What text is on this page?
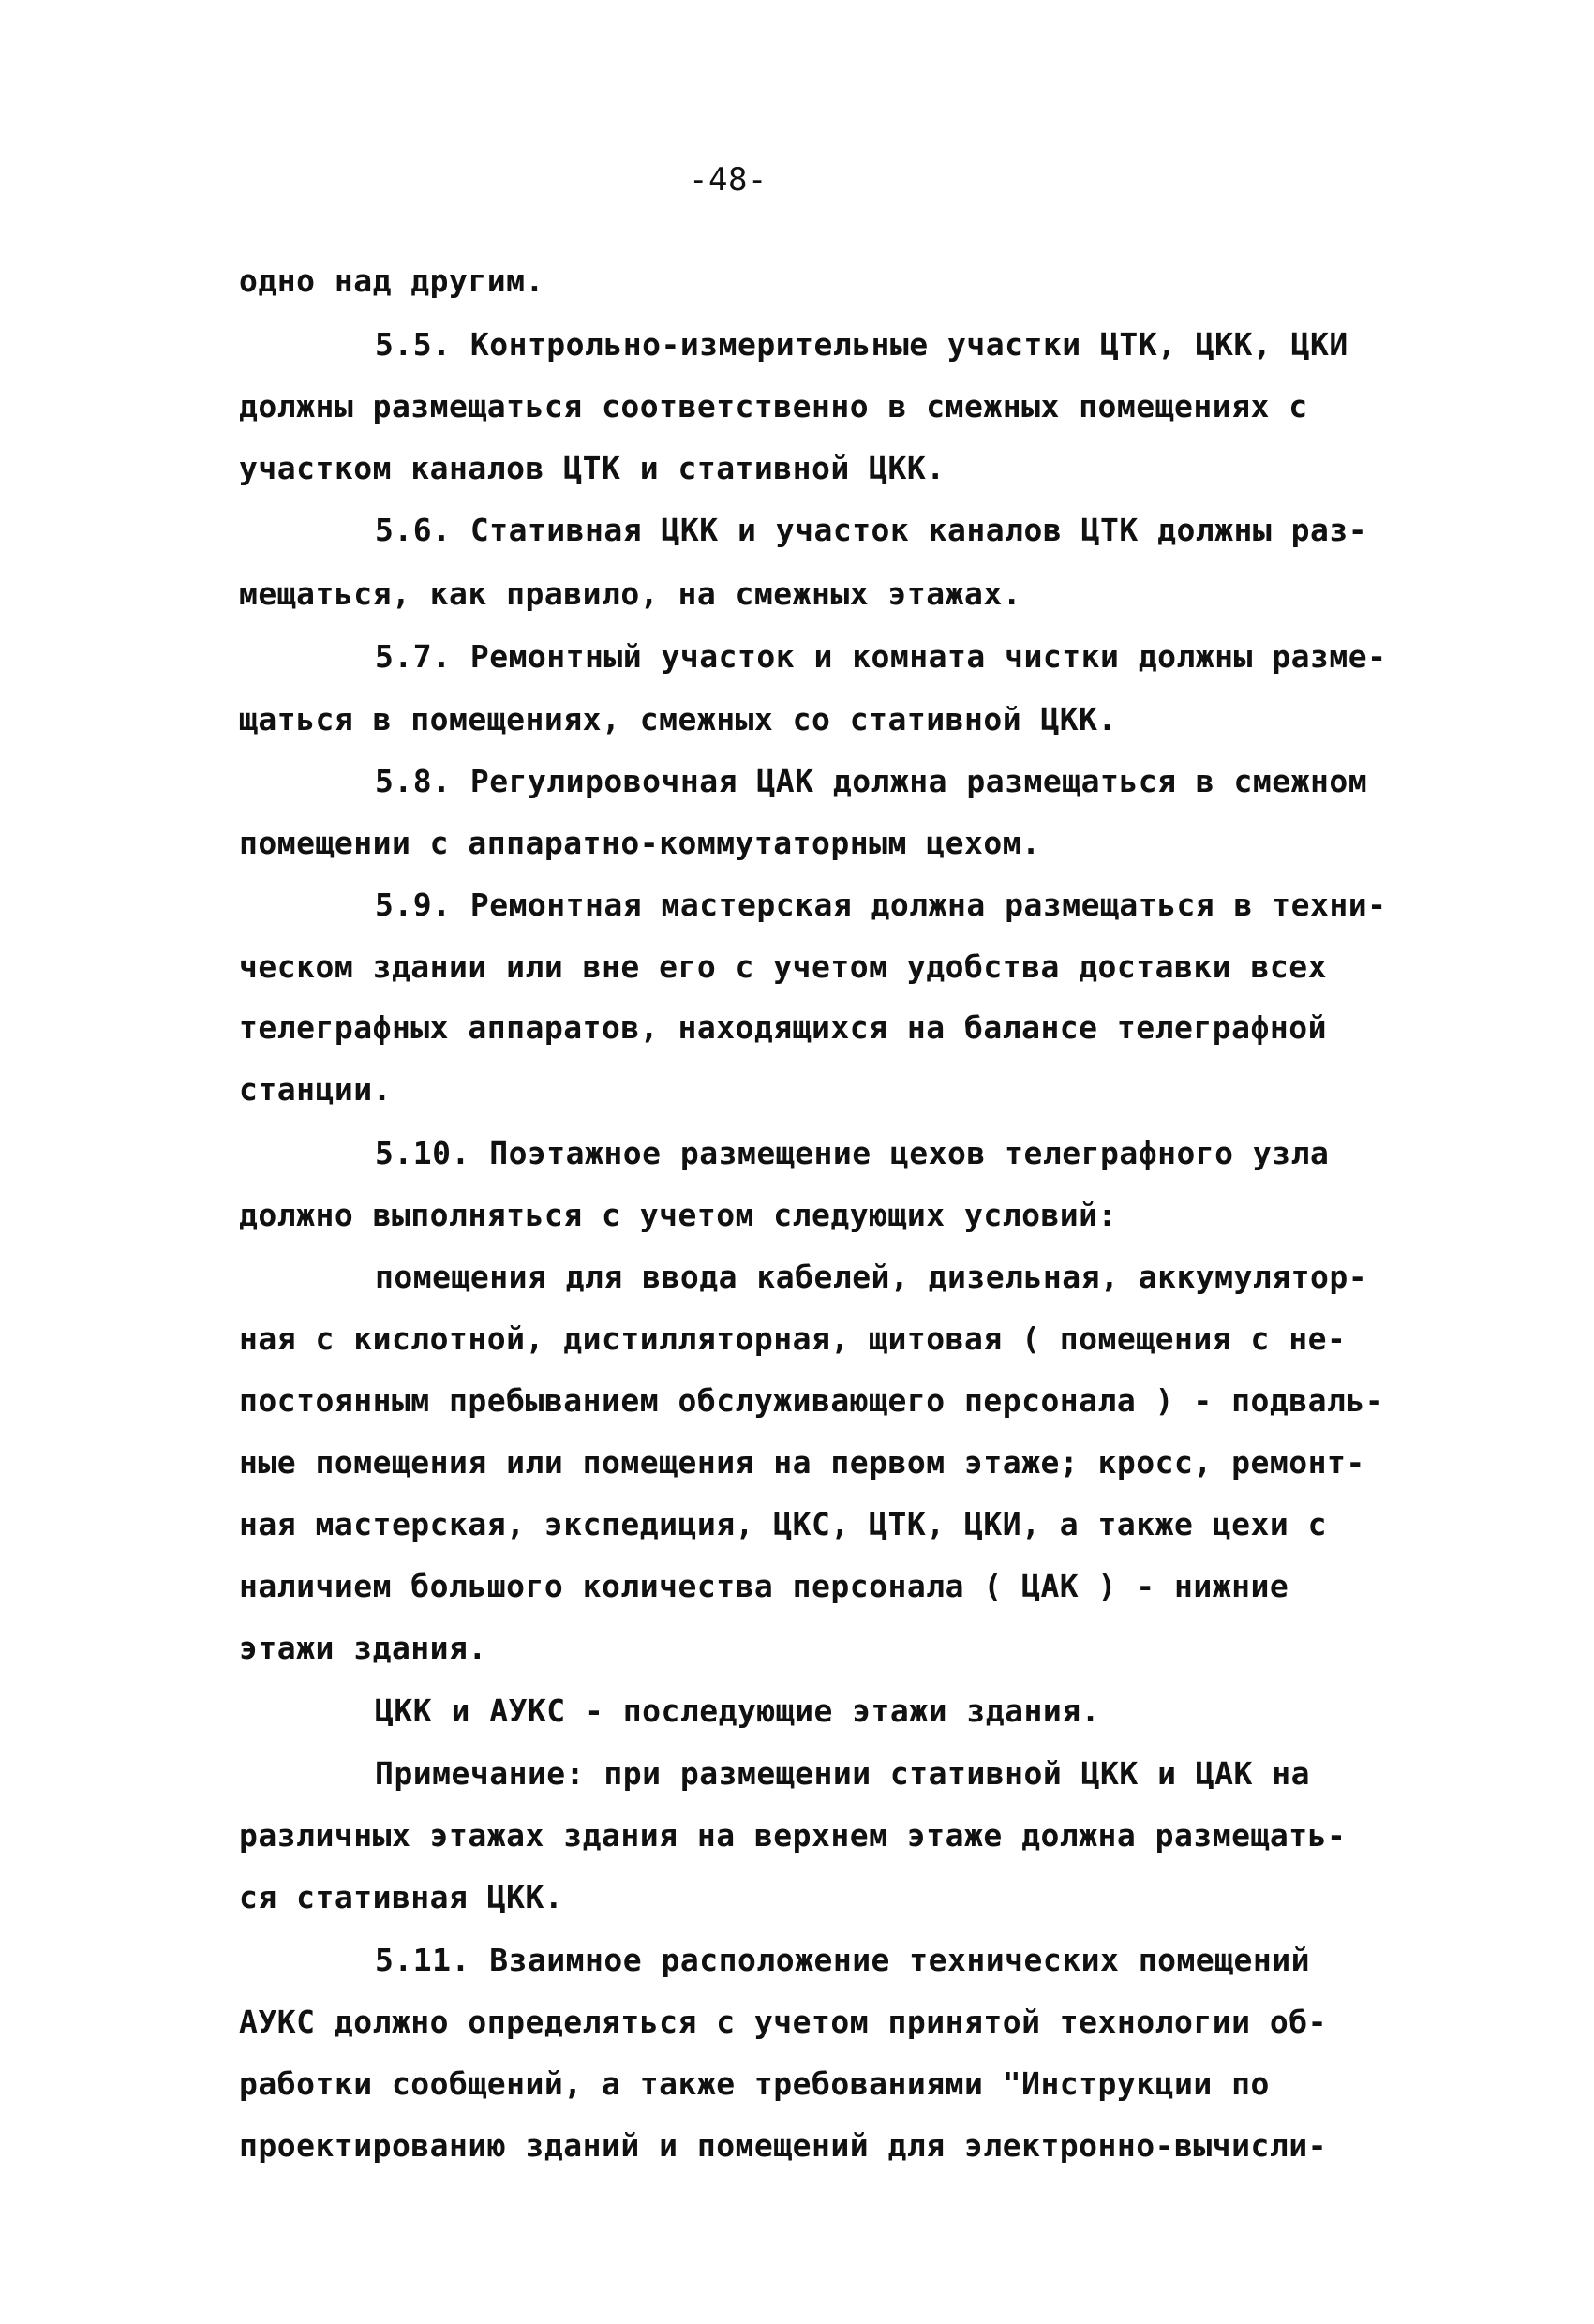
-48-
одно над другим.
5.5. Контрольно-измерительные участки ЦТК, ЦКК, ЦКИ
должны размещаться соответственно в смежных помещениях с
участком каналов ЦТК и стативной ЦКК.
5.6. Стативная ЦКК и участок каналов ЦТК должны раз-
мещаться, как правило, на смежных этажах.
5.7. Ремонтный участок и комната чистки должны разме-
щаться в помещениях, смежных со стативной ЦКК.
5.8. Регулировочная ЦАК должна размещаться в смежном
помещении с аппаратно-коммутаторным цехом.
5.9. Ремонтная мастерская должна размещаться в техни-
ческом здании или вне его с учетом удобства доставки всех
телеграфных аппаратов, находящихся на балансе телеграфной
станции.
5.10. Поэтажное размещение цехов телеграфного узла
должно выполняться с учетом следующих условий:
помещения для ввода кабелей, дизельная, аккумулятор-
ная с кислотной, дистилляторная, щитовая ( помещения с не-
постоянным пребыванием обслуживающего персонала ) - подваль-
ные помещения или помещения на первом этаже; кросс, ремонт-
ная мастерская, экспедиция, ЦКС, ЦТК, ЦКИ, а также цехи с
наличием большого количества персонала ( ЦАК ) - нижние
этажи здания.
ЦКК и АУКС - последующие этажи здания.
Примечание: при размещении стативной ЦКК и ЦАК на
различных этажах здания на верхнем этаже должна размещать-
ся стативная ЦКК.
5.11. Взаимное расположение технических помещений
АУКС должно определяться с учетом принятой технологии об-
работки сообщений, а также требованиями "Инструкции по
проектированию зданий и помещений для электронно-вычисли-
